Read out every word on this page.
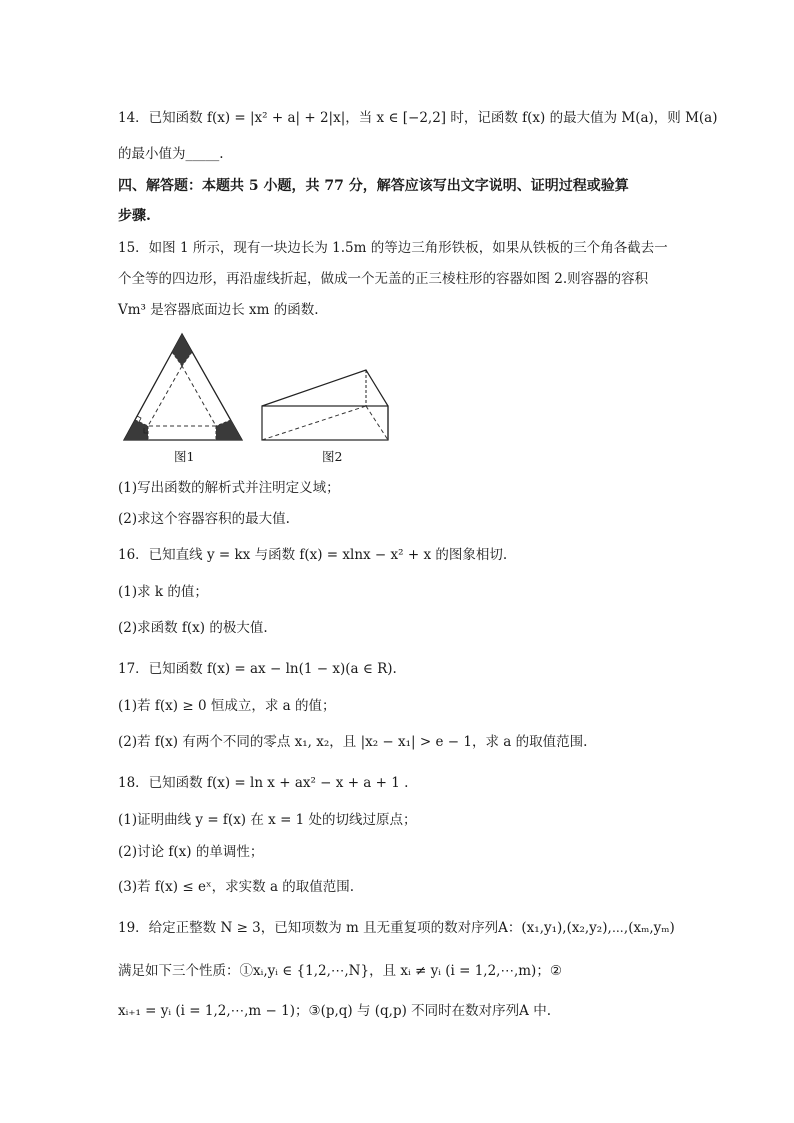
14．已知函数 f(x) = |x² + a| + 2|x|，当 x ∈ [−2,2] 时，记函数 f(x) 的最大值为 M(a)，则 M(a)
的最小值为_____.
四、解答题：本题共 5 小题，共 77 分，解答应该写出文字说明、证明过程或验算
步骤.
15．如图 1 所示，现有一块边长为 1.5m 的等边三角形铁板，如果从铁板的三个角各截去一
个全等的四边形，再沿虚线折起，做成一个无盖的正三棱柱形的容器如图 2.则容器的容积
Vm³ 是容器底面边长 xm 的函数.
图1	图2
(1)写出函数的解析式并注明定义域；
(2)求这个容器容积的最大值.
16．已知直线 y = kx 与函数 f(x) = xlnx − x² + x 的图象相切.
(1)求 k 的值；
(2)求函数 f(x) 的极大值.
17．已知函数 f(x) = ax − ln(1 − x)(a ∈ R).
(1)若 f(x) ≥ 0 恒成立，求 a 的值；
(2)若 f(x) 有两个不同的零点 x₁, x₂，且 |x₂ − x₁| > e − 1，求 a 的取值范围.
18．已知函数 f(x) = ln x + ax² − x + a + 1 .
(1)证明曲线 y = f(x) 在 x = 1 处的切线过原点；
(2)讨论 f(x) 的单调性；
(3)若 f(x) ≤ eˣ，求实数 a 的取值范围.
19．给定正整数 N ≥ 3，已知项数为 m 且无重复项的数对序列A：(x₁,y₁),(x₂,y₂),⋯,(xₘ,yₘ)
满足如下三个性质：①xᵢ,yᵢ ∈ {1,2,⋯,N}，且 xᵢ ≠ yᵢ (i = 1,2,⋯,m)；②
xᵢ₊₁ = yᵢ (i = 1,2,⋯,m − 1)；③(p,q) 与 (q,p) 不同时在数对序列A 中.
